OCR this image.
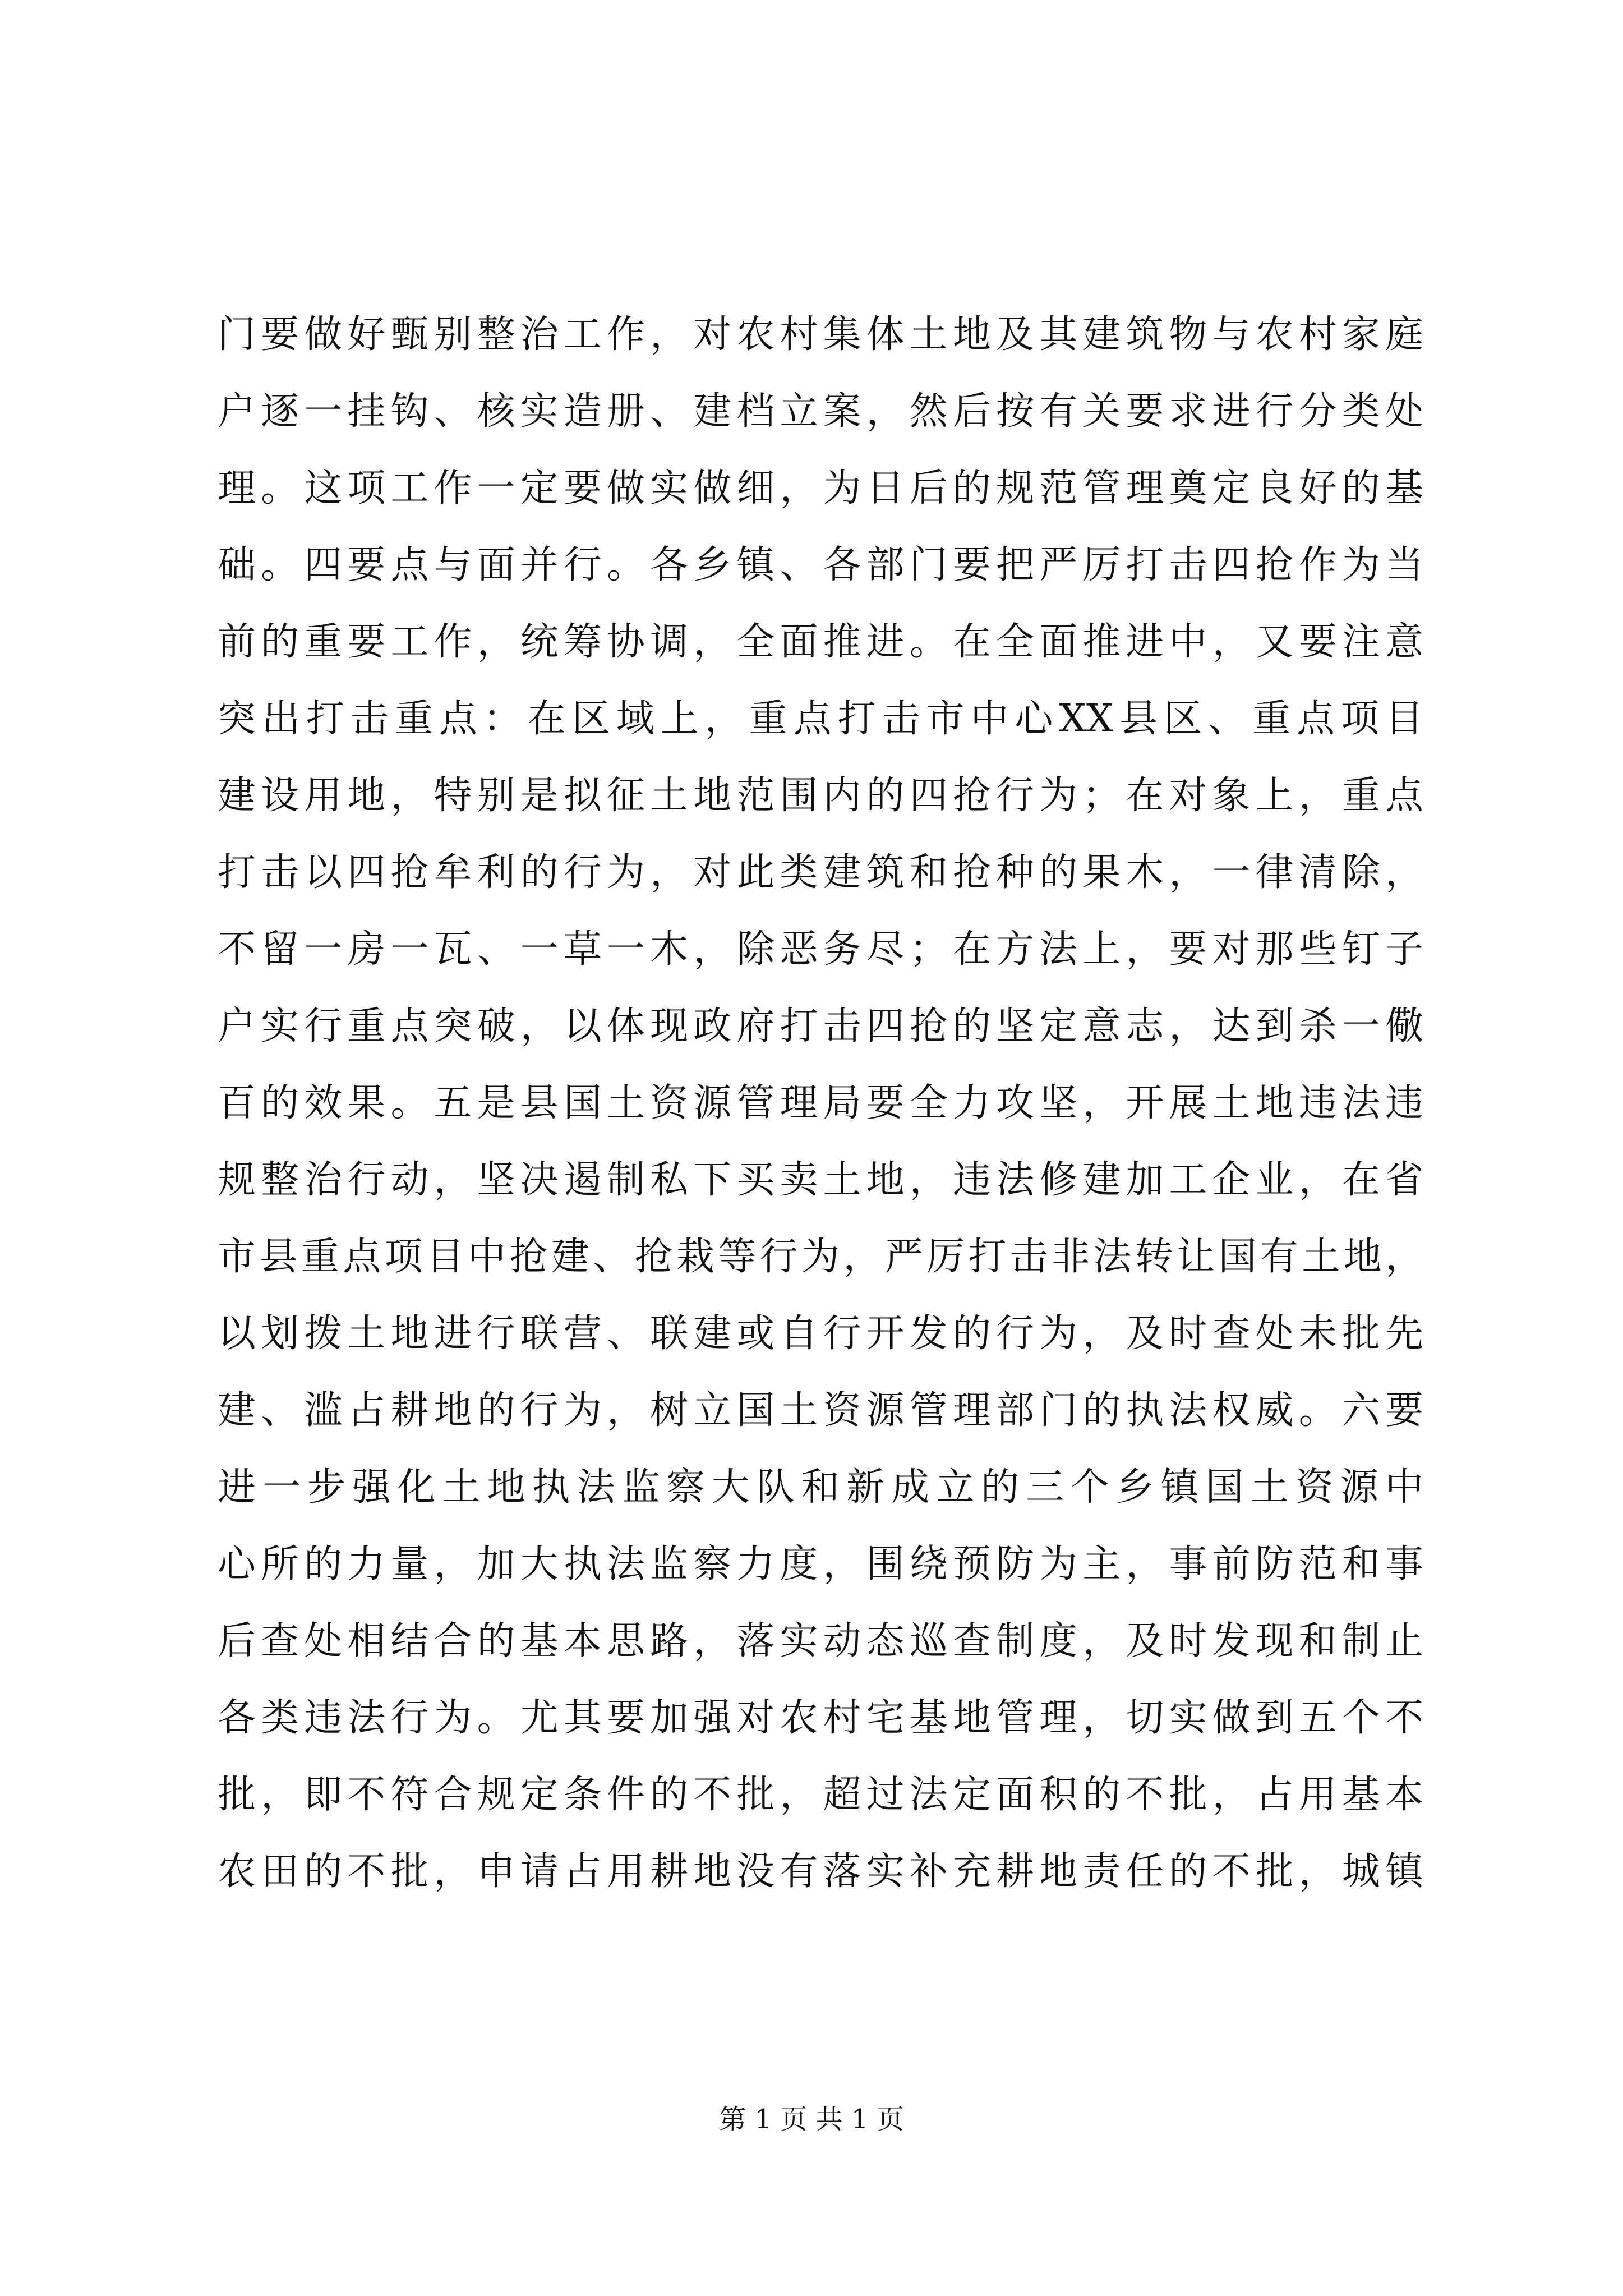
门要做好甄别整治工作，对农村集体土地及其建筑物与农村家庭
户逐一挂钩、核实造册、建档立案，然后按有关要求进行分类处
理。这项工作一定要做实做细，为日后的规范管理奠定良好的基
础。四要点与面并行。各乡镇、各部门要把严厉打击四抢作为当
前的重要工作，统筹协调，全面推进。在全面推进中，又要注意
突出打击重点：在区域上，重点打击市中心XX县区、重点项目
建设用地，特别是拟征土地范围内的四抢行为；在对象上，重点
打击以四抢牟利的行为，对此类建筑和抢种的果木，一律清除，
不留一房一瓦、一草一木，除恶务尽；在方法上，要对那些钉子
户实行重点突破，以体现政府打击四抢的坚定意志，达到杀一儆
百的效果。五是县国土资源管理局要全力攻坚，开展土地违法违
规整治行动，坚决遏制私下买卖土地，违法修建加工企业，在省
市县重点项目中抢建、抢栽等行为，严厉打击非法转让国有土地，
以划拨土地进行联营、联建或自行开发的行为，及时查处未批先
建、滥占耕地的行为，树立国土资源管理部门的执法权威。六要
进一步强化土地执法监察大队和新成立的三个乡镇国土资源中
心所的力量，加大执法监察力度，围绕预防为主，事前防范和事
后查处相结合的基本思路，落实动态巡查制度，及时发现和制止
各类违法行为。尤其要加强对农村宅基地管理，切实做到五个不
批，即不符合规定条件的不批，超过法定面积的不批，占用基本
农田的不批，申请占用耕地没有落实补充耕地责任的不批，城镇
第 1 页 共 1 页
